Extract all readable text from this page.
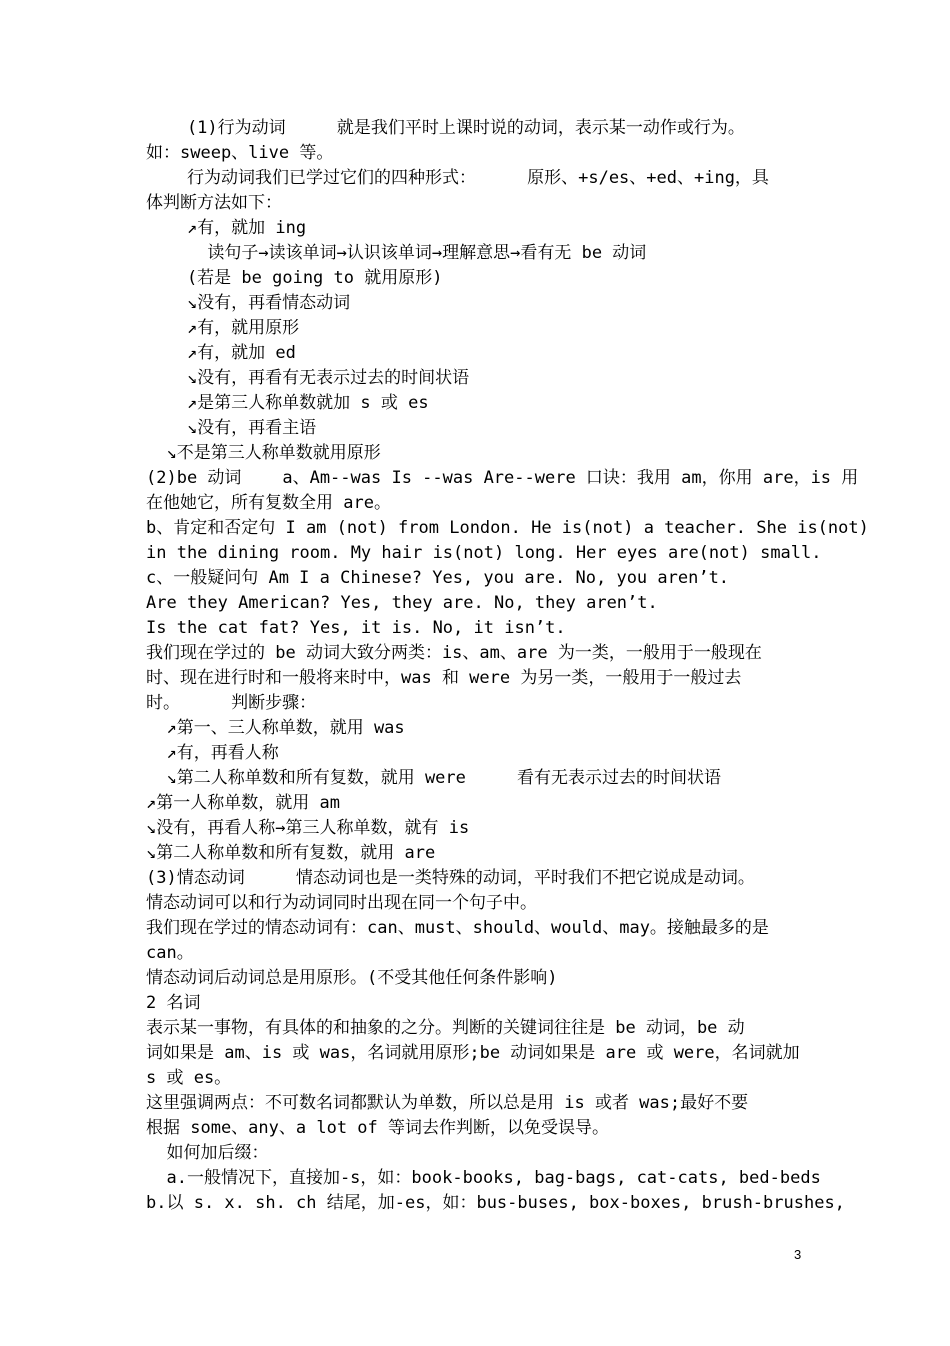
(1)行为动词     就是我们平时上课时说的动词，表示某一动作或行为。
如：sweep、live 等。
行为动词我们已学过它们的四种形式：     原形、+s/es、+ed、+ing，具
体判断方法如下：
↗有，就加 ing
读句子→读该单词→认识该单词→理解意思→看有无 be 动词
(若是 be going to 就用原形)
↘没有，再看情态动词
↗有，就用原形
↗有，就加 ed
↘没有，再看有无表示过去的时间状语
↗是第三人称单数就加 s 或 es
↘没有，再看主语
↘不是第三人称单数就用原形
(2)be 动词    a、Am--was Is --was Are--were 口诀：我用 am，你用 are，is 用
在他她它，所有复数全用 are。
b、肯定和否定句 I am (not) from London. He is(not) a teacher. She is(not)
in the dining room. My hair is(not) long. Her eyes are(not) small.
c、一般疑问句 Am I a Chinese? Yes, you are. No, you aren’t.
Are they American? Yes, they are. No, they aren’t.
Is the cat fat? Yes, it is. No, it isn’t.
我们现在学过的 be 动词大致分两类：is、am、are 为一类，一般用于一般现在
时、现在进行时和一般将来时中，was 和 were 为另一类，一般用于一般过去
时。     判断步骤：
↗第一、三人称单数，就用 was
↗有，再看人称
↘第二人称单数和所有复数，就用 were     看有无表示过去的时间状语
↗第一人称单数，就用 am
↘没有，再看人称→第三人称单数，就有 is
↘第二人称单数和所有复数，就用 are
(3)情态动词     情态动词也是一类特殊的动词，平时我们不把它说成是动词。
情态动词可以和行为动词同时出现在同一个句子中。
我们现在学过的情态动词有：can、must、should、would、may。接触最多的是
can。
情态动词后动词总是用原形。(不受其他任何条件影响)
2 名词
表示某一事物，有具体的和抽象的之分。判断的关键词往往是 be 动词，be 动
词如果是 am、is 或 was，名词就用原形;be 动词如果是 are 或 were，名词就加
s 或 es。
这里强调两点：不可数名词都默认为单数，所以总是用 is 或者 was;最好不要
根据 some、any、a lot of 等词去作判断，以免受误导。
如何加后缀：
a.一般情况下，直接加-s，如：book-books, bag-bags, cat-cats, bed-beds
b.以 s. x. sh. ch 结尾，加-es，如：bus-buses, box-boxes, brush-brushes,
3
